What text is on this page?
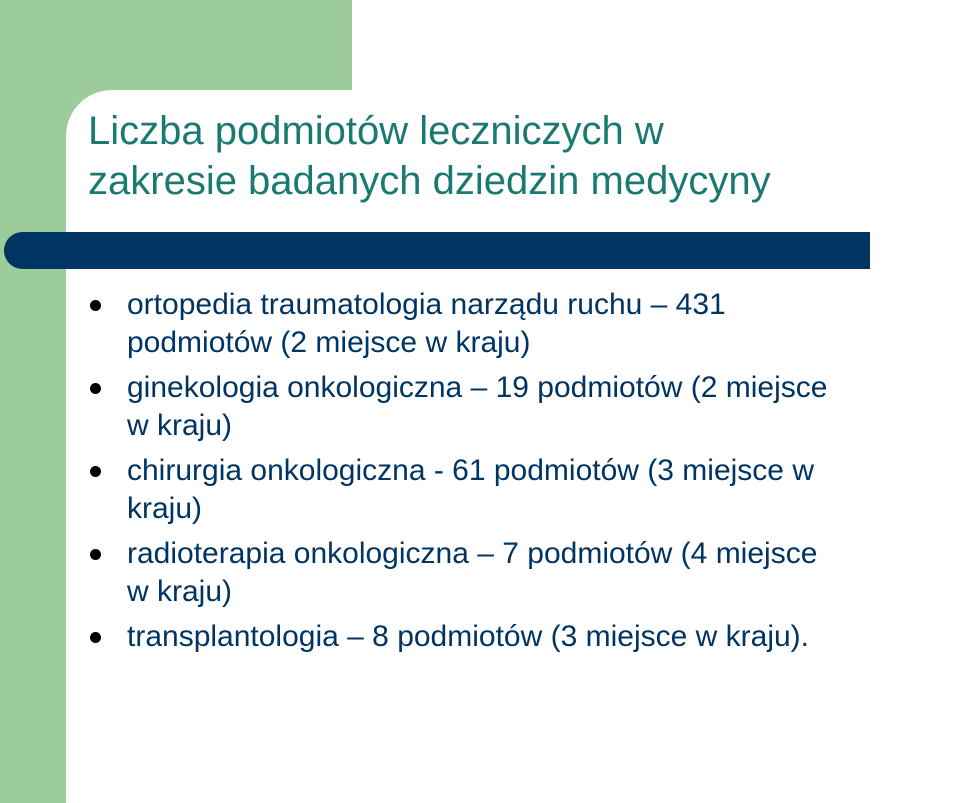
Liczba podmiotów leczniczych w
zakresie badanych dziedzin medycyny
ortopedia traumatologia narządu ruchu – 431
podmiotów (2 miejsce w kraju)
ginekologia onkologiczna – 19 podmiotów (2 miejsce
w kraju)
chirurgia onkologiczna - 61 podmiotów (3 miejsce w
kraju)
radioterapia onkologiczna – 7 podmiotów (4 miejsce
w kraju)
transplantologia – 8 podmiotów (3 miejsce w kraju).
